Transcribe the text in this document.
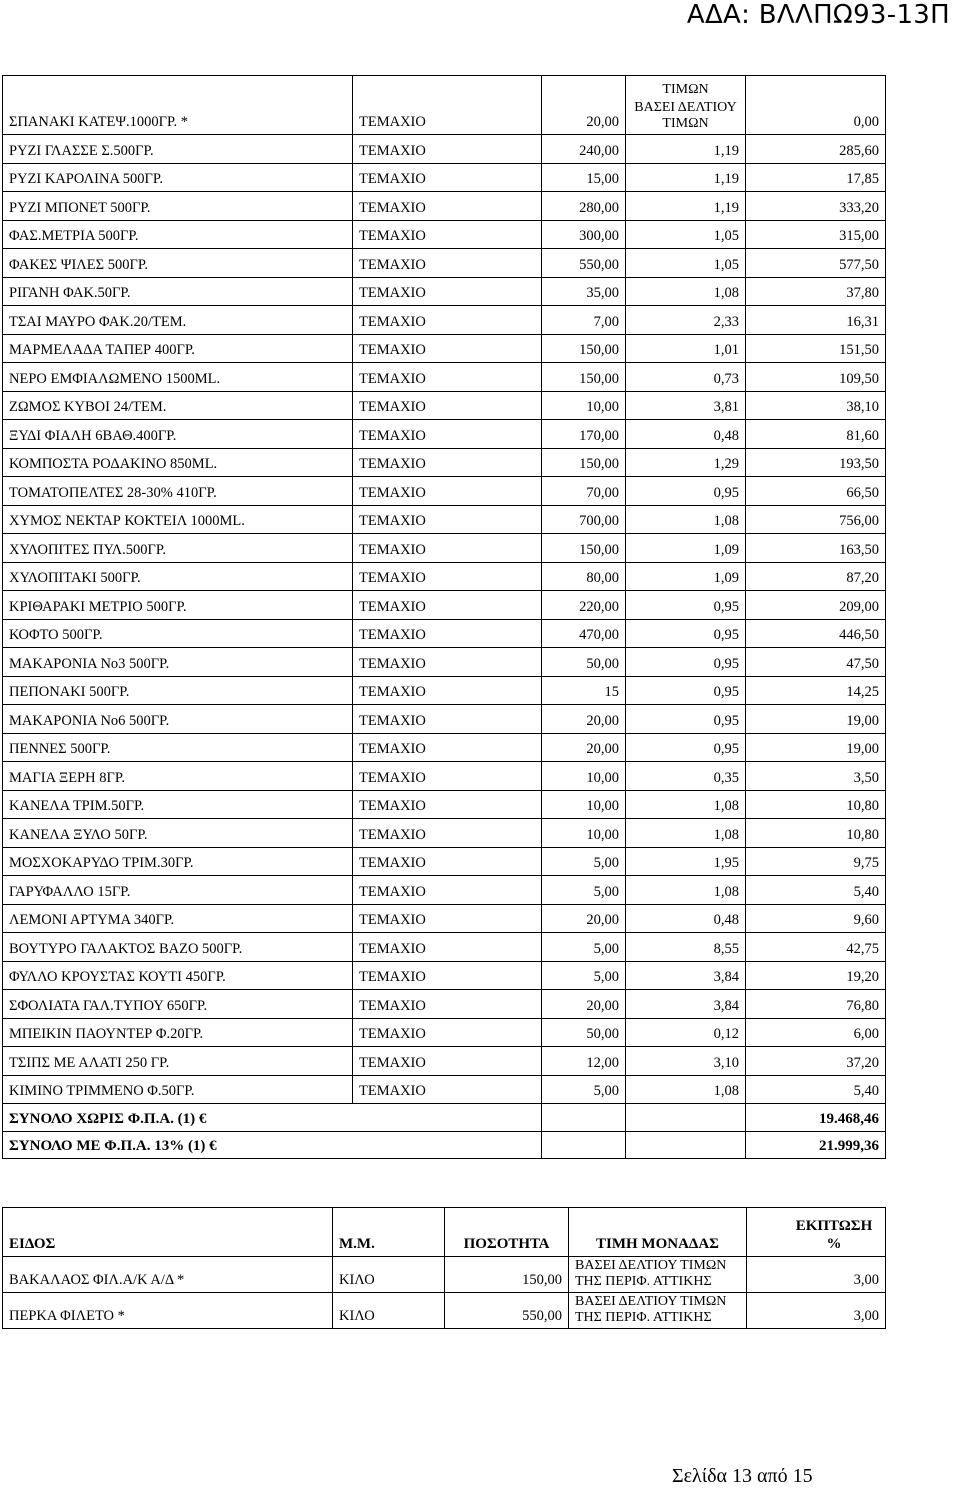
ΑΔΑ: ΒΛΛΠΩ93-13Π
ΣΠΑΝΑΚΙ ΚΑΤΕΨ.1000ΓΡ. *	ΤΕΜΑΧΙΟ	20,00	ΤΙΜΩΝ
ΒΑΣΕΙ ΔΕΛΤΙΟΥ
ΤΙΜΩΝ	0,00
ΡΥΖΙ ΓΛΑΣΣΕ Σ.500ΓΡ.	ΤΕΜΑΧΙΟ	240,00	1,19	285,60
ΡΥΖΙ ΚΑΡΟΛΙΝΑ 500ΓΡ.	ΤΕΜΑΧΙΟ	15,00	1,19	17,85
ΡΥΖΙ ΜΠΟΝΕΤ 500ΓΡ.	ΤΕΜΑΧΙΟ	280,00	1,19	333,20
ΦΑΣ.ΜΕΤΡΙΑ 500ΓΡ.	ΤΕΜΑΧΙΟ	300,00	1,05	315,00
ΦΑΚΕΣ ΨΙΛΕΣ 500ΓΡ.	ΤΕΜΑΧΙΟ	550,00	1,05	577,50
ΡΙΓΑΝΗ ΦΑΚ.50ΓΡ.	ΤΕΜΑΧΙΟ	35,00	1,08	37,80
ΤΣΑΙ ΜΑΥΡΟ ΦΑΚ.20/ΤΕΜ.	ΤΕΜΑΧΙΟ	7,00	2,33	16,31
ΜΑΡΜΕΛΑΔΑ ΤΑΠΕΡ 400ΓΡ.	ΤΕΜΑΧΙΟ	150,00	1,01	151,50
ΝΕΡΟ ΕΜΦΙΑΛΩΜΕΝΟ 1500ML.	ΤΕΜΑΧΙΟ	150,00	0,73	109,50
ΖΩΜΟΣ ΚΥΒΟΙ 24/ΤΕΜ.	ΤΕΜΑΧΙΟ	10,00	3,81	38,10
ΞΥΔΙ ΦΙΑΛΗ 6ΒΑΘ.400ΓΡ.	ΤΕΜΑΧΙΟ	170,00	0,48	81,60
ΚΟΜΠΟΣΤΑ ΡΟΔΑΚΙΝΟ 850ML.	ΤΕΜΑΧΙΟ	150,00	1,29	193,50
ΤΟΜΑΤΟΠΕΛΤΕΣ 28-30% 410ΓΡ.	ΤΕΜΑΧΙΟ	70,00	0,95	66,50
ΧΥΜΟΣ ΝΕΚΤΑΡ ΚΟΚΤΕΙΛ 1000ML.	ΤΕΜΑΧΙΟ	700,00	1,08	756,00
ΧΥΛΟΠΙΤΕΣ ΠΥΛ.500ΓΡ.	ΤΕΜΑΧΙΟ	150,00	1,09	163,50
ΧΥΛΟΠΙΤΑΚΙ 500ΓΡ.	ΤΕΜΑΧΙΟ	80,00	1,09	87,20
ΚΡΙΘΑΡΑΚΙ ΜΕΤΡΙΟ 500ΓΡ.	ΤΕΜΑΧΙΟ	220,00	0,95	209,00
ΚΟΦΤΟ 500ΓΡ.	ΤΕΜΑΧΙΟ	470,00	0,95	446,50
ΜΑΚΑΡΟΝΙΑ Νο3 500ΓΡ.	ΤΕΜΑΧΙΟ	50,00	0,95	47,50
ΠΕΠΟΝΑΚΙ 500ΓΡ.	ΤΕΜΑΧΙΟ	15	0,95	14,25
ΜΑΚΑΡΟΝΙΑ Νο6 500ΓΡ.	ΤΕΜΑΧΙΟ	20,00	0,95	19,00
ΠΕΝΝΕΣ 500ΓΡ.	ΤΕΜΑΧΙΟ	20,00	0,95	19,00
ΜΑΓΙΑ ΞΕΡΗ 8ΓΡ.	ΤΕΜΑΧΙΟ	10,00	0,35	3,50
ΚΑΝΕΛΑ ΤΡΙΜ.50ΓΡ.	ΤΕΜΑΧΙΟ	10,00	1,08	10,80
ΚΑΝΕΛΑ ΞΥΛΟ 50ΓΡ.	ΤΕΜΑΧΙΟ	10,00	1,08	10,80
ΜΟΣΧΟΚΑΡΥΔΟ ΤΡΙΜ.30ΓΡ.	ΤΕΜΑΧΙΟ	5,00	1,95	9,75
ΓΑΡΥΦΑΛΛΟ 15ΓΡ.	ΤΕΜΑΧΙΟ	5,00	1,08	5,40
ΛΕΜΟΝΙ ΑΡΤΥΜΑ 340ΓΡ.	ΤΕΜΑΧΙΟ	20,00	0,48	9,60
ΒΟΥΤΥΡΟ ΓΑΛΑΚΤΟΣ ΒΑΖΟ 500ΓΡ.	ΤΕΜΑΧΙΟ	5,00	8,55	42,75
ΦΥΛΛΟ ΚΡΟΥΣΤΑΣ ΚΟΥΤΙ 450ΓΡ.	ΤΕΜΑΧΙΟ	5,00	3,84	19,20
ΣΦΟΛΙΑΤΑ ΓΑΛ.ΤΥΠΟΥ 650ΓΡ.	ΤΕΜΑΧΙΟ	20,00	3,84	76,80
ΜΠΕΙΚΙΝ ΠΑΟΥΝΤΕΡ Φ.20ΓΡ.	ΤΕΜΑΧΙΟ	50,00	0,12	6,00
ΤΣΙΠΣ ΜΕ ΑΛΑΤΙ 250 ΓΡ.	ΤΕΜΑΧΙΟ	12,00	3,10	37,20
ΚΙΜΙΝΟ ΤΡΙΜΜΕΝΟ Φ.50ΓΡ.	ΤΕΜΑΧΙΟ	5,00	1,08	5,40
ΣΥΝΟΛΟ ΧΩΡΙΣ Φ.Π.Α. (1) €				19.468,46
ΣΥΝΟΛΟ ΜΕ Φ.Π.Α. 13% (1) €				21.999,36
ΕΙΔΟΣ	Μ.Μ.	ΠΟΣΟΤΗΤΑ	ΤΙΜΗ ΜΟΝΑΔΑΣ	ΕΚΠΤΩΣΗ %
ΒΑΚΑΛΑΟΣ ΦΙΛ.Α/Κ Α/Δ *	ΚΙΛΟ	150,00	ΒΑΣΕΙ ΔΕΛΤΙΟΥ ΤΙΜΩΝ ΤΗΣ ΠΕΡΙΦ. ΑΤΤΙΚΗΣ	3,00
ΠΕΡΚΑ ΦΙΛΕΤΟ *	ΚΙΛΟ	550,00	ΒΑΣΕΙ ΔΕΛΤΙΟΥ ΤΙΜΩΝ ΤΗΣ ΠΕΡΙΦ. ΑΤΤΙΚΗΣ	3,00
Σελίδα 13 από 15
